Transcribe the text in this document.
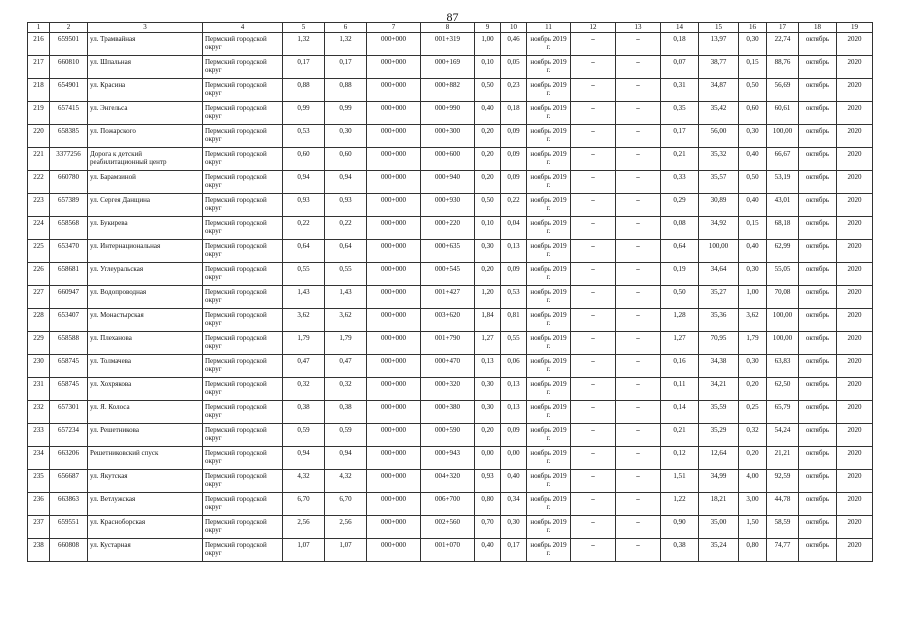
87
1	2	3	4	5	6	7	8	9	10	11	12	13	14	15	16	17	18	19
216	659501	ул. Трамвайная	Пермский городской округ	1,32	1,32	000+000	001+319	1,00	0,46	ноябрь 2019 г.	–	–	0,18	13,97	0,30	22,74	октябрь	2020
217	660810	ул. Шпальная	Пермский городской округ	0,17	0,17	000+000	000+169	0,10	0,05	ноябрь 2019 г.	–	–	0,07	38,77	0,15	88,76	октябрь	2020
218	654901	ул. Красина	Пермский городской округ	0,88	0,88	000+000	000+882	0,50	0,23	ноябрь 2019 г.	–	–	0,31	34,87	0,50	56,69	октябрь	2020
219	657415	ул. Энгельса	Пермский городской округ	0,99	0,99	000+000	000+990	0,40	0,18	ноябрь 2019 г.	–	–	0,35	35,42	0,60	60,61	октябрь	2020
220	658385	ул. Пожарского	Пермский городской округ	0,53	0,30	000+000	000+300	0,20	0,09	ноябрь 2019 г.	–	–	0,17	56,00	0,30	100,00	октябрь	2020
221	3377256	Дорога к детский реабилитационный центр	Пермский городской округ	0,60	0,60	000+000	000+600	0,20	0,09	ноябрь 2019 г.	–	–	0,21	35,32	0,40	66,67	октябрь	2020
222	660780	ул. Барамзиной	Пермский городской округ	0,94	0,94	000+000	000+940	0,20	0,09	ноябрь 2019 г.	–	–	0,33	35,57	0,50	53,19	октябрь	2020
223	657389	ул. Сергея Данщина	Пермский городской округ	0,93	0,93	000+000	000+930	0,50	0,22	ноябрь 2019 г.	–	–	0,29	30,89	0,40	43,01	октябрь	2020
224	658568	ул. Букирева	Пермский городской округ	0,22	0,22	000+000	000+220	0,10	0,04	ноябрь 2019 г.	–	–	0,08	34,92	0,15	68,18	октябрь	2020
225	653470	ул. Интернациональная	Пермский городской округ	0,64	0,64	000+000	000+635	0,30	0,13	ноябрь 2019 г.	–	–	0,64	100,00	0,40	62,99	октябрь	2020
226	658681	ул. Углеуральская	Пермский городской округ	0,55	0,55	000+000	000+545	0,20	0,09	ноябрь 2019 г.	–	–	0,19	34,64	0,30	55,05	октябрь	2020
227	660947	ул. Водопроводная	Пермский городской округ	1,43	1,43	000+000	001+427	1,20	0,53	ноябрь 2019 г.	–	–	0,50	35,27	1,00	70,08	октябрь	2020
228	653407	ул. Монастырская	Пермский городской округ	3,62	3,62	000+000	003+620	1,84	0,81	ноябрь 2019 г.	–	–	1,28	35,36	3,62	100,00	октябрь	2020
229	658588	ул. Плеханова	Пермский городской округ	1,79	1,79	000+000	001+790	1,27	0,55	ноябрь 2019 г.	–	–	1,27	70,95	1,79	100,00	октябрь	2020
230	658745	ул. Толмачева	Пермский городской округ	0,47	0,47	000+000	000+470	0,13	0,06	ноябрь 2019 г.	–	–	0,16	34,38	0,30	63,83	октябрь	2020
231	658745	ул. Хохрякова	Пермский городской округ	0,32	0,32	000+000	000+320	0,30	0,13	ноябрь 2019 г.	–	–	0,11	34,21	0,20	62,50	октябрь	2020
232	657301	ул. Я. Колоса	Пермский городской округ	0,38	0,38	000+000	000+380	0,30	0,13	ноябрь 2019 г.	–	–	0,14	35,59	0,25	65,79	октябрь	2020
233	657234	ул. Решетникова	Пермский городской округ	0,59	0,59	000+000	000+590	0,20	0,09	ноябрь 2019 г.	–	–	0,21	35,29	0,32	54,24	октябрь	2020
234	663206	Решетниковский спуск	Пермский городской округ	0,94	0,94	000+000	000+943	0,00	0,00	ноябрь 2019 г.	–	–	0,12	12,64	0,20	21,21	октябрь	2020
235	656687	ул. Якутская	Пермский городской округ	4,32	4,32	000+000	004+320	0,93	0,40	ноябрь 2019 г.	–	–	1,51	34,99	4,00	92,59	октябрь	2020
236	663863	ул. Ветлужская	Пермский городской округ	6,70	6,70	000+000	006+700	0,80	0,34	ноябрь 2019 г.	–	–	1,22	18,21	3,00	44,78	октябрь	2020
237	659551	ул. Красноборская	Пермский городской округ	2,56	2,56	000+000	002+560	0,70	0,30	ноябрь 2019 г.	–	–	0,90	35,00	1,50	58,59	октябрь	2020
238	660808	ул. Кустарная	Пермский городской округ	1,07	1,07	000+000	001+070	0,40	0,17	ноябрь 2019 г.	–	–	0,38	35,24	0,80	74,77	октябрь	2020
